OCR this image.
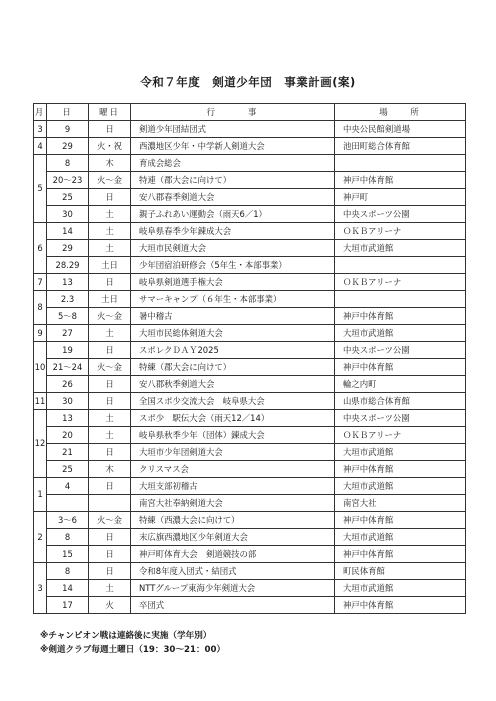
令和７年度　剣道少年団　事業計画(案)
月	日	曜日	行　　　事	場　　所
3	9	日	剣道少年団結団式	中央公民館剣道場
4	29	火・祝	西濃地区少年・中学新人剣道大会	池田町総合体育館
5	8	木	育成会総会	
	20～23	火～金	特連（郡大会に向けて）	神戸中体育館
	25	日	安八郡春季剣道大会	神戸町
	30	土	親子ふれあい運動会（雨天6／1）	中央スポーツ公園
6	14	土	岐阜県春季少年錬成大会	ＯＫＢアリーナ
	29	土	大垣市民剣道大会	大垣市武道館
	28.29	土日	少年団宿泊研修会（5年生・本部事業）	
7	13	日	岐阜県剣道選手権大会	ＯＫＢアリーナ
8	2.3	土日	サマーキャンプ（６年生・本部事業）	
	5～8	火～金	暑中稽古	神戸中体育館
9	27	土	大垣市民総体剣道大会	大垣市武道館
10	19	日	スポレクＤＡＹ2025	中央スポーツ公園
	21～24	火～金	特練（郡大会に向けて）	神戸中体育館
	26	日	安八郡秋季剣道大会	輪之内町
11	30	日	全国スポ少交流大会　岐阜県大会	山県市総合体育館
12	13	土	スポ少　駅伝大会（雨天12／14）	中央スポーツ公園
	20	土	岐阜県秋季少年（団体）錬成大会	ＯＫＢアリーナ
	21	日	大垣市少年団剣道大会	大垣市武道館
	25	木	クリスマス会	神戸中体育館
1	4	日	大垣支部初稽古	大垣市武道館
			南宮大社奉納剣道大会	南宮大社
2	3～6	火～金	特練（西濃大会に向けて）	神戸中体育館
	8	日	末広旗西濃地区少年剣道大会	大垣市武道館
	15	日	神戸町体育大会　剣道競技の部	神戸中体育館
3	8	日	令和8年度入団式・結団式	町民体育館
	14	土	NTTグループ東海少年剣道大会	大垣市武道館
	17	火	卒団式	神戸中体育館
※チャンピオン戦は連絡後に実施（学年別）
※剣道クラブ毎週土曜日（19：30～21：00）
